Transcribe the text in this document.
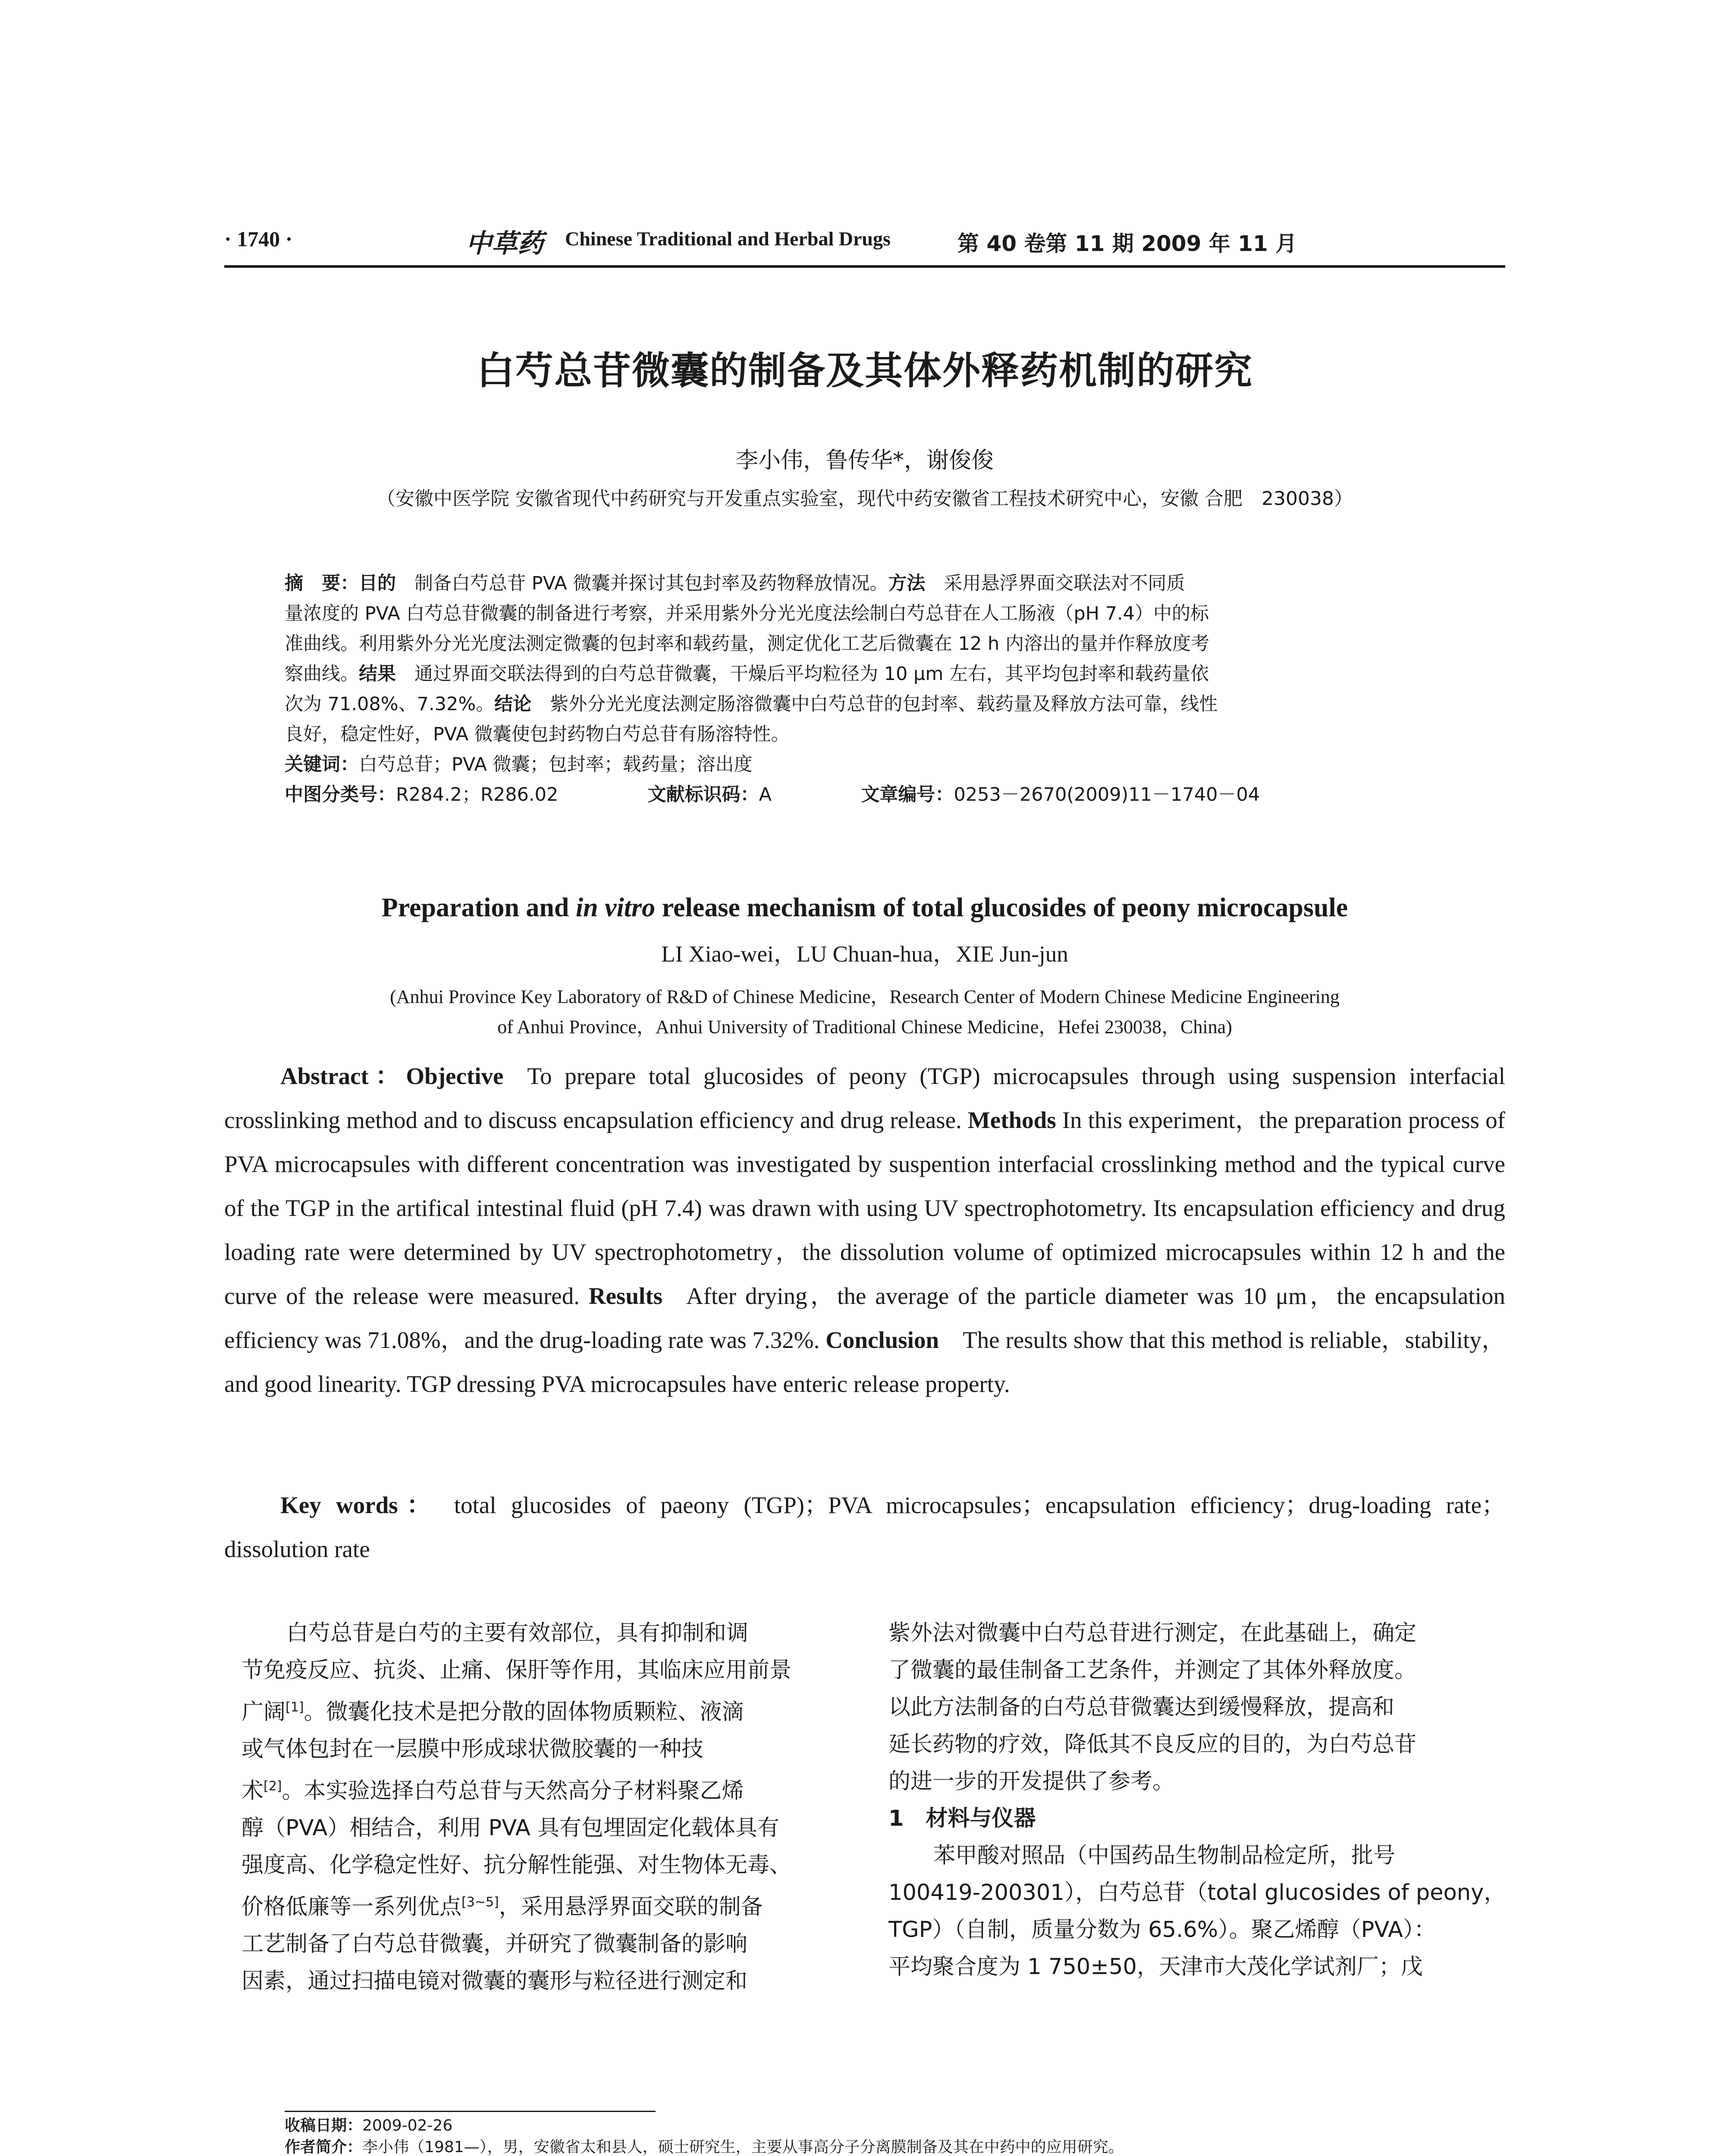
· 1740 ·	中草药 Chinese Traditional and Herbal Drugs	第 40 卷第 11 期 2009 年 11 月
白芍总苷微囊的制备及其体外释药机制的研究
李小伟，鲁传华*，谢俊俊
（安徽中医学院 安徽省现代中药研究与开发重点实验室，现代中药安徽省工程技术研究中心，安徽 合肥　230038）
摘　要：目的　制备白芍总苷 PVA 微囊并探讨其包封率及药物释放情况。方法　采用悬浮界面交联法对不同质
量浓度的 PVA 白芍总苷微囊的制备进行考察，并采用紫外分光光度法绘制白芍总苷在人工肠液（pH 7.4）中的标
准曲线。利用紫外分光光度法测定微囊的包封率和载药量，测定优化工艺后微囊在 12 h 内溶出的量并作释放度考
察曲线。结果　通过界面交联法得到的白芍总苷微囊，干燥后平均粒径为 10 μm 左右，其平均包封率和载药量依
次为 71.08%、7.32%。结论　紫外分光光度法测定肠溶微囊中白芍总苷的包封率、载药量及释放方法可靠，线性
良好，稳定性好，PVA 微囊使包封药物白芍总苷有肠溶特性。
关键词：白芍总苷；PVA 微囊；包封率；载药量；溶出度
中图分类号：R284.2；R286.02	文献标识码：A	文章编号：0253－2670(2009)11－1740－04
Preparation and in vitro release mechanism of total glucosides of peony microcapsule
LI Xiao-wei，LU Chuan-hua，XIE Jun-jun
(Anhui Province Key Laboratory of R&D of Chinese Medicine，Research Center of Modern Chinese Medicine Engineering
of Anhui Province，Anhui University of Traditional Chinese Medicine，Hefei 230038，China)

Abstract：Objective  To prepare total glucosides of peony (TGP) microcapsules through using suspension interfacial crosslinking method and to discuss encapsulation efficiency and drug release. Methods In this experiment，the preparation process of PVA microcapsules with different concentration was investigated by suspention interfacial crosslinking method and the typical curve of the TGP in the artifical intestinal fluid (pH 7.4) was drawn with using UV spectrophotometry. Its encapsulation efficiency and drug loading rate were determined by UV spectrophotometry，the dissolution volume of optimized microcapsules within 12 h and the curve of the release were measured. Results  After drying，the average of the particle diameter was 10 μm，the encapsulation efficiency was 71.08%，and the drug-loading rate was 7.32%. Conclusion  The results show that this method is reliable，stability，and good linearity. TGP dressing PVA microcapsules have enteric release property.

Key words： total glucosides of paeony (TGP)；PVA microcapsules；encapsulation efficiency；drug-loading rate；dissolution rate

白芍总苷是白芍的主要有效部位，具有抑制和调
节免疫反应、抗炎、止痛、保肝等作用，其临床应用前景
广阔[1]。微囊化技术是把分散的固体物质颗粒、液滴
或气体包封在一层膜中形成球状微胶囊的一种技
术[2]。本实验选择白芍总苷与天然高分子材料聚乙烯
醇（PVA）相结合，利用 PVA 具有包埋固定化载体具有
强度高、化学稳定性好、抗分解性能强、对生物体无毒、
价格低廉等一系列优点[3~5]，采用悬浮界面交联的制备
工艺制备了白芍总苷微囊，并研究了微囊制备的影响
因素，通过扫描电镜对微囊的囊形与粒径进行测定和
紫外法对微囊中白芍总苷进行测定，在此基础上，确定
了微囊的最佳制备工艺条件，并测定了其体外释放度。
以此方法制备的白芍总苷微囊达到缓慢释放，提高和
延长药物的疗效，降低其不良反应的目的，为白芍总苷
的进一步的开发提供了参考。
1　材料与仪器
苯甲酸对照品（中国药品生物制品检定所，批号
100419-200301），白芍总苷（total glucosides of peony，
TGP）（自制，质量分数为 65.6%）。聚乙烯醇（PVA）：
平均聚合度为 1 750±50，天津市大茂化学试剂厂；戊
收稿日期：2009-02-26
作者简介：李小伟（1981—），男，安徽省太和县人，硕士研究生，主要从事高分子分离膜制备及其在中药中的应用研究。
